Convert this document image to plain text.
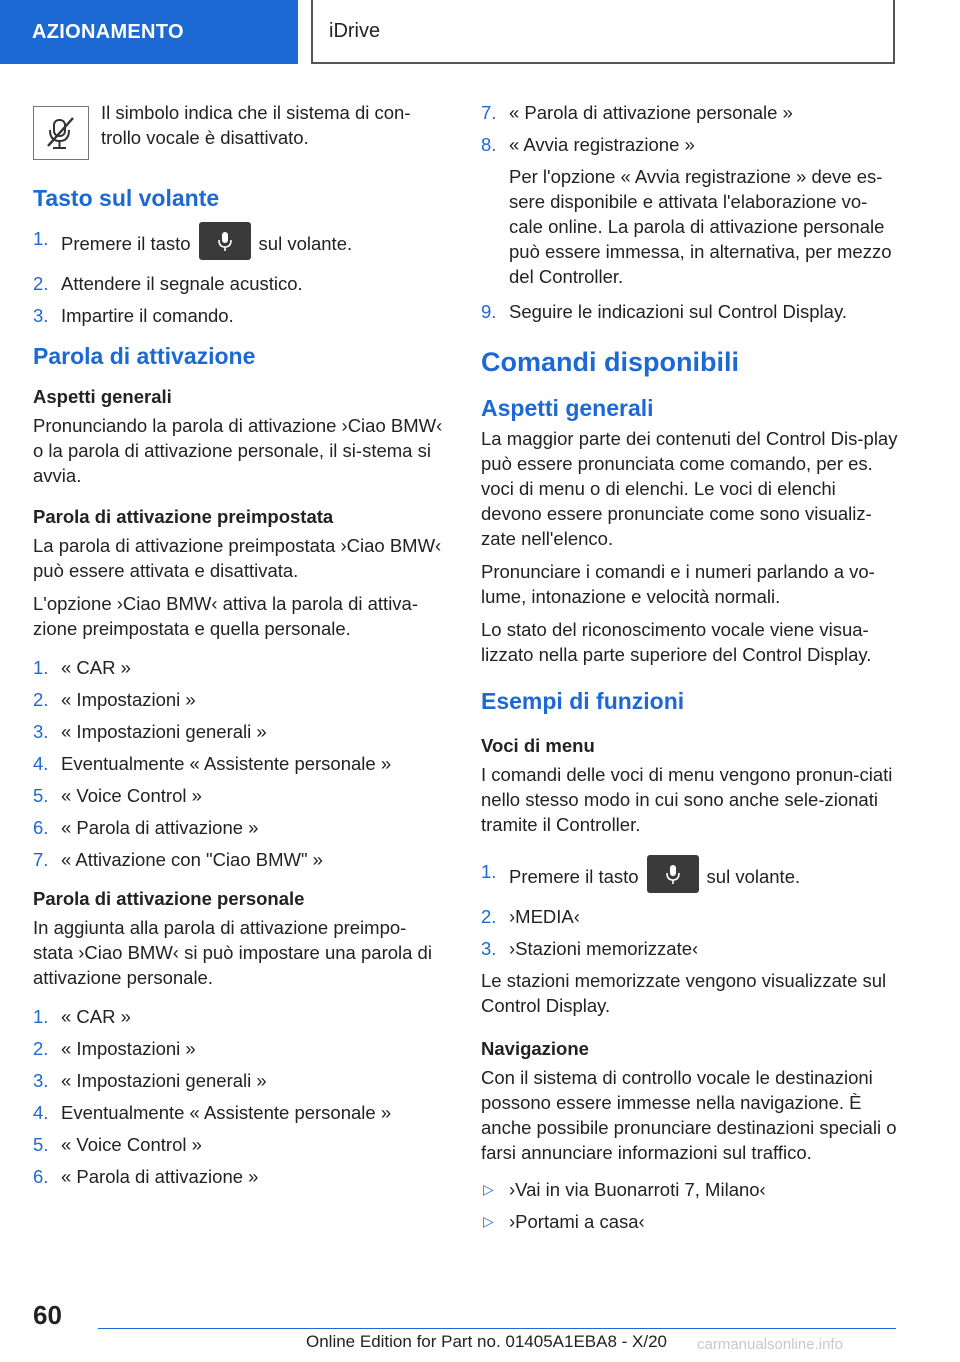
AZIONAMENTO	iDrive

Il simbolo indica che il sistema di con-trollo vocale è disattivato.

Tasto sul volante
1. Premere il tasto	sul volante.
2. Attendere il segnale acustico.
3. Impartire il comando.
Parola di attivazione
Aspetti generali

Pronunciando la parola di attivazione ›Ciao BMW‹ o la parola di attivazione personale, il si-stema si avvia.

Parola di attivazione preimpostata

La parola di attivazione preimpostata ›Ciao BMW‹ può essere attivata e disattivata.

L'opzione ›Ciao BMW‹ attiva la parola di attiva-zione preimpostata e quella personale.

1. « CAR »
2. « Impostazioni »
3. « Impostazioni generali »
4. Eventualmente « Assistente personale »
5. « Voice Control »
6. « Parola di attivazione »
7. « Attivazione con "Ciao BMW" »
Parola di attivazione personale

In aggiunta alla parola di attivazione preimpo-stata ›Ciao BMW‹ si può impostare una parola di attivazione personale.

1. « CAR »
2. « Impostazioni »
3. « Impostazioni generali »
4. Eventualmente « Assistente personale »
5. « Voice Control »
6. « Parola di attivazione »
7. « Parola di attivazione personale »
8. « Avvia registrazione »

Per l'opzione « Avvia registrazione » deve es-sere disponibile e attivata l'elaborazione vo-cale online. La parola di attivazione personale può essere immessa, in alternativa, per mezzo del Controller.

9. Seguire le indicazioni sul Control Display.
Comandi disponibili
Aspetti generali

La maggior parte dei contenuti del Control Dis-play può essere pronunciata come comando, per es. voci di menu o di elenchi. Le voci di elenchi devono essere pronunciate come sono visualiz-zate nell'elenco.

Pronunciare i comandi e i numeri parlando a vo-lume, intonazione e velocità normali.

Lo stato del riconoscimento vocale viene visua-lizzato nella parte superiore del Control Display.

Esempi di funzioni
Voci di menu

I comandi delle voci di menu vengono pronun-ciati nello stesso modo in cui sono anche sele-zionati tramite il Controller.

1. Premere il tasto	sul volante.
2. ›MEDIA‹
3. ›Stazioni memorizzate‹

Le stazioni memorizzate vengono visualizzate sul Control Display.

Navigazione

Con il sistema di controllo vocale le destinazioni possono essere immesse nella navigazione. È anche possibile pronunciare destinazioni speciali o farsi annunciare informazioni sul traffico.

▷ ›Vai in via Buonarroti 7, Milano‹
▷ ›Portami a casa‹
60
Online Edition for Part no. 01405A1EBA8 - X/20 carmanualsonline.info
